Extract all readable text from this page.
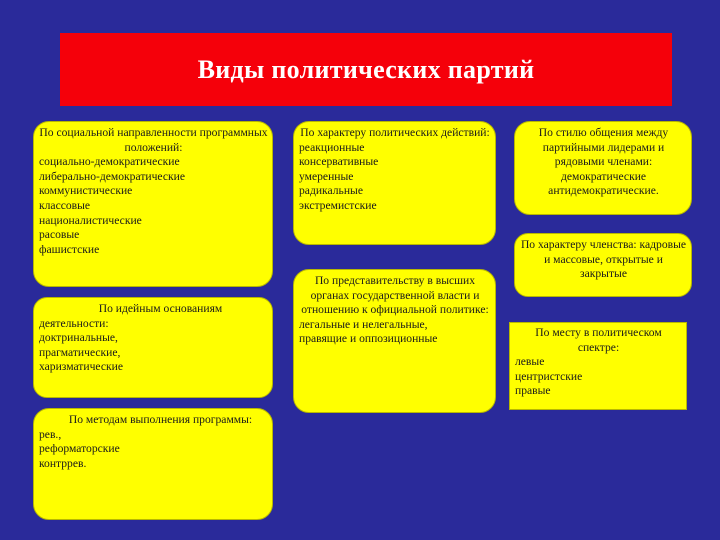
Виды политических партий
По социальной направленности программных положений:
социально-демократические
либерально-демократические
коммунистические
классовые
националистические
расовые
фашистские
По идейным основаниям
деятельности:
доктринальные,
прагматические,
харизматические
По методам выполнения программы:
рев.,
реформаторские
контррев.
По характеру политических действий:
реакционные
консервативные
умеренные
радикальные
экстремистские
По представительству в высших органах государственной власти и отношению к официальной политике:
легальные и нелегальные,
правящие и оппозиционные
По стилю общения между партийными лидерами и рядовыми членами:
демократические
антидемократические.
По характеру членства: кадровые и массовые, открытые и закрытые
По месту в политическом спектре:
левые
центристские
правые
